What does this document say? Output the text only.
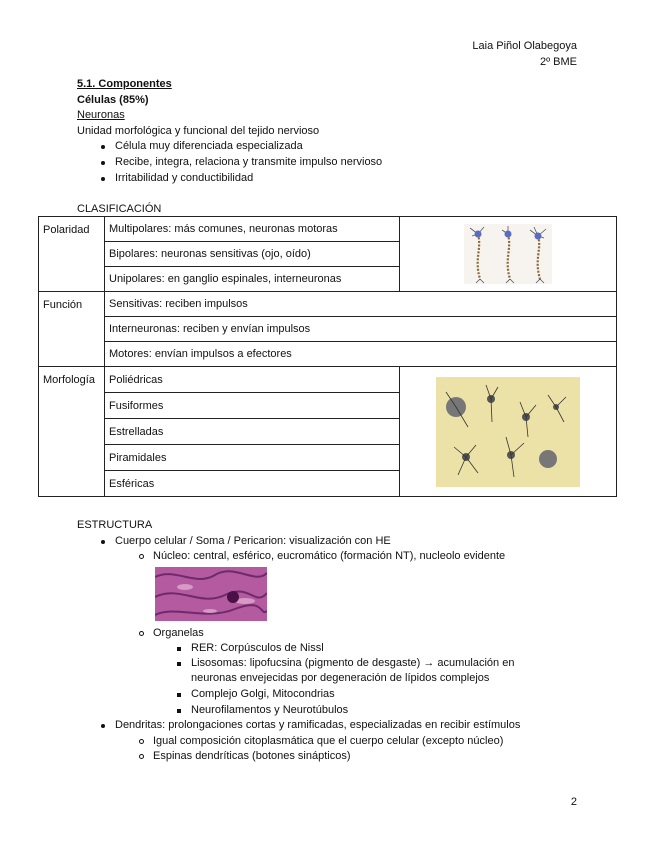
Laia Piñol Olabegoya
2º BME
5.1. Componentes
Células (85%)
Neuronas
Unidad morfológica y funcional del tejido nervioso
Célula muy diferenciada especializada
Recibe, integra, relaciona y transmite impulso nervioso
Irritabilidad y conductibilidad
CLASIFICACIÓN
Polaridad	Multipolares: más comunes, neuronas motoras	

	Bipolares: neuronas sensitivas (ojo, oído)	
	Unipolares: en ganglio espinales, interneuronas	
Función	Sensitivas: reciben impulsos	
	Interneuronas: reciben y envían impulsos	
	Motores: envían impulsos a efectores	
Morfología	Poliédricas	

	Fusiformes	
	Estrelladas	
	Piramidales	
	Esféricas	
ESTRUCTURA
Cuerpo celular / Soma / Pericarion: visualización con HE
Núcleo: central, esférico, eucromático (formación NT), nucleolo evidente
Organelas
RER: Corpúsculos de Nissl
Lisosomas: lipofucsina (pigmento de desgaste) → acumulación en
neuronas envejecidas por degeneración de lípidos complejos
Complejo Golgi, Mitocondrias
Neurofilamentos y Neurotúbulos
Dendritas: prolongaciones cortas y ramificadas, especializadas en recibir estímulos
Igual composición citoplasmática que el cuerpo celular (excepto núcleo)
Espinas dendríticas (botones sinápticos)
2
